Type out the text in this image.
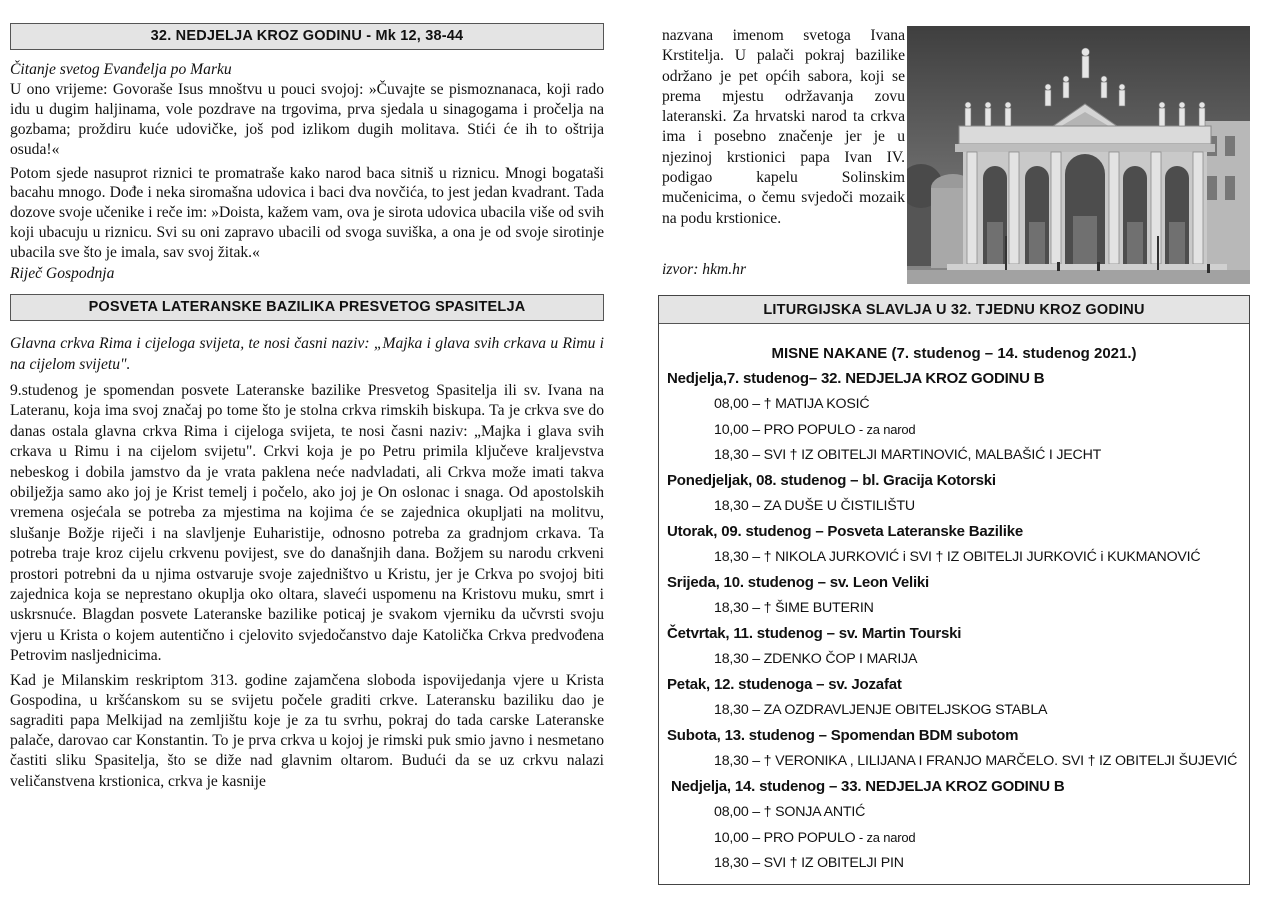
32. NEDJELJA KROZ GODINU - Mk 12, 38-44
Čitanje svetog Evanđelja po Marku
U ono vrijeme: Govoraše Isus mnoštvu u pouci svojoj: »Čuvajte se pismoznanaca, koji rado idu u dugim haljinama, vole pozdrave na trgovima, prva sjedala u sinagogama i pročelja na gozbama; proždiru kuće udovičke, još pod izlikom dugih molitava. Stići će ih to oštrija osuda!«
Potom sjede nasuprot riznici te promatraše kako narod baca sitniš u riznicu. Mnogi bogataši bacahu mnogo. Dođe i neka siromašna udovica i baci dva novčića, to jest jedan kvadrant. Tada dozove svoje učenike i reče im: »Doista, kažem vam, ova je sirota udovica ubacila više od svih koji ubacuju u riznicu. Svi su oni zapravo ubacili od svoga suviška, a ona je od svoje sirotinje ubacila sve što je imala, sav svoj žitak.«
Riječ Gospodnja
POSVETA LATERANSKE BAZILIKA PRESVETOG SPASITELJA
Glavna crkva Rima i cijeloga svijeta, te nosi časni naziv: „Majka i glava svih crkava u Rimu i na cijelom svijetu".
9.studenog je spomendan posvete Lateranske bazilike Presvetog Spasitelja ili sv. Ivana na Lateranu, koja ima svoj značaj po tome što je stolna crkva rimskih biskupa. Ta je crkva sve do danas ostala glavna crkva Rima i cijeloga svijeta, te nosi časni naziv: „Majka i glava svih crkava u Rimu i na cijelom svijetu". Crkvi koja je po Petru primila ključeve kraljevstva nebeskog i dobila jamstvo da je vrata paklena neće nadvladati, ali Crkva može imati takva obilježja samo ako joj je Krist temelj i počelo, ako joj je On oslonac i snaga. Od apostolskih vremena osjećala se potreba za mjestima na kojima će se zajednica okupljati na molitvu, slušanje Božje riječi i na slavljenje Euharistije, odnosno potreba za gradnjom crkava. Ta potreba traje kroz cijelu crkvenu povijest, sve do današnjih dana. Božjem su narodu crkveni prostori potrebni da u njima ostvaruje svoje zajedništvo u Kristu, jer je Crkva po svojoj biti zajednica koja se neprestano okuplja oko oltara, slaveći uspomenu na Kristovu muku, smrt i uskrsnuće. Blagdan posvete Lateranske bazilike poticaj je svakom vjerniku da učvrsti svoju vjeru u Krista o kojem autentično i cjelovito svjedočanstvo daje Katolička Crkva predvođena Petrovim nasljednicima.
Kad je Milanskim reskriptom 313. godine zajamčena sloboda ispovijedanja vjere u Krista Gospodina, u kršćanskom su se svijetu počele graditi crkve. Lateransku baziliku dao je sagraditi papa Melkijad na zemljištu koje je za tu svrhu, pokraj do tada carske Lateranske palače, darovao car Konstantin. To je prva crkva u kojoj je rimski puk smio javno i nesmetano častiti sliku Spasitelja, što se diže nad glavnim oltarom. Budući da se uz crkvu nalazi veličanstvena krstionica, crkva je kasnije
nazvana imenom svetoga Ivana Krstitelja. U palači pokraj bazilike održano je pet općih sabora, koji se prema mjestu održavanja zovu lateranski. Za hrvatski narod ta crkva ima i posebno značenje jer je u njezinoj krstionici papa Ivan IV. podigao kapelu Solinskim mučenicima, o čemu svjedoči mozaik na podu krstionice.
izvor: hkm.hr
LITURGIJSKA SLAVLJA U 32. TJEDNU KROZ GODINU
MISNE NAKANE (7. studenog – 14. studenog 2021.)
Nedjelja,7. studenog– 32. NEDJELJA KROZ GODINU B
08,00 – † MATIJA KOSIĆ
10,00 – PRO POPULO - za narod
18,30 – SVI † IZ OBITELJI MARTINOVIĆ, MALBAŠIĆ I JECHT
Ponedjeljak, 08. studenog – bl. Gracija Kotorski
18,30 – ZA DUŠE U ČISTILIŠTU
Utorak, 09. studenog – Posveta Lateranske Bazilike
18,30 – † NIKOLA JURKOVIĆ i SVI † IZ OBITELJI JURKOVIĆ i KUKMANOVIĆ
Srijeda, 10. studenog – sv. Leon Veliki
18,30 – † ŠIME BUTERIN
Četvrtak, 11. studenog – sv. Martin Tourski
18,30 – ZDENKO ČOP I MARIJA
Petak, 12. studenoga – sv. Jozafat
18,30 – ZA OZDRAVLJENJE OBITELJSKOG STABLA
Subota, 13. studenog – Spomendan BDM subotom
18,30 – † VERONIKA , LILIJANA I FRANJO MARČELO. SVI † IZ OBITELJI ŠUJEVIĆ
Nedjelja, 14. studenog – 33. NEDJELJA KROZ GODINU B
08,00 – † SONJA ANTIĆ
10,00 – PRO POPULO - za narod
18,30 – SVI † IZ OBITELJI PIN
